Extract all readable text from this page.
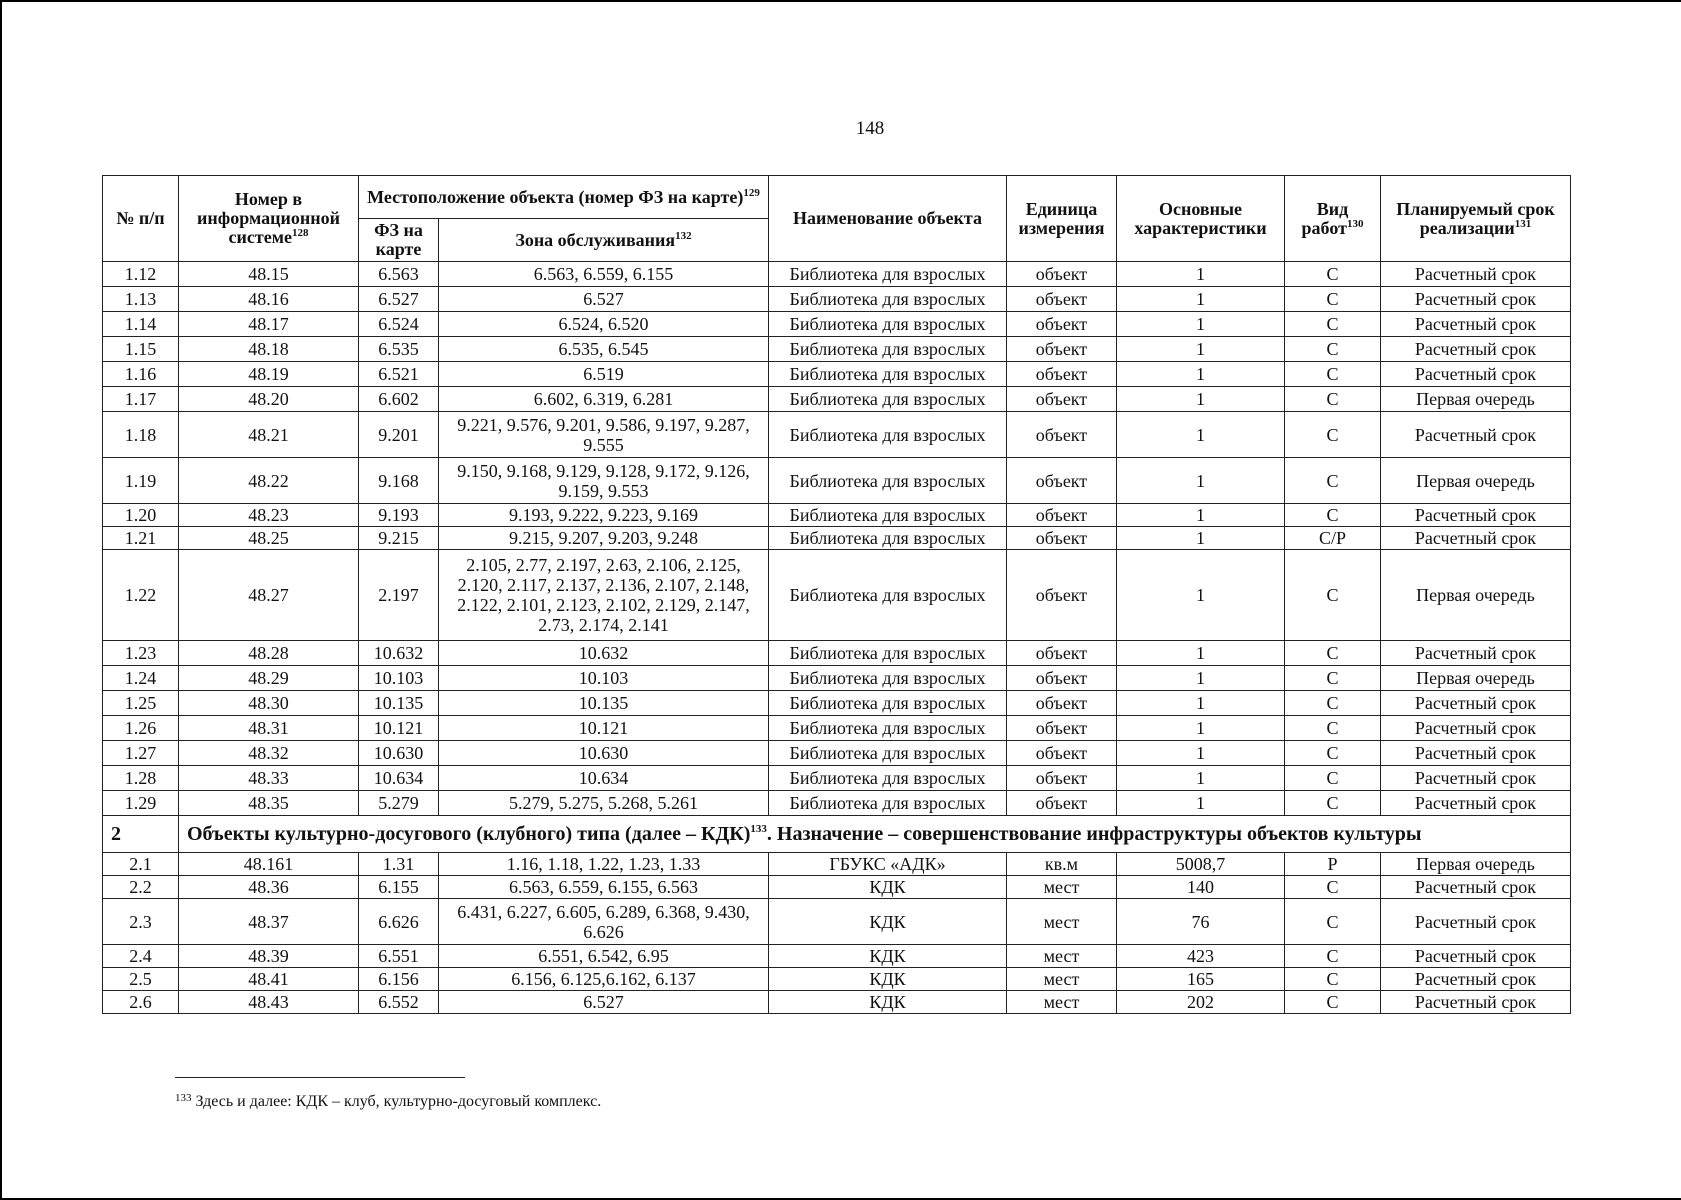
148
№ п/п	Номер в информационной системе$^{128}$	Местоположение объекта (номер ФЗ на карте)$^{129}$		Наименование объекта	Единица измерения	Основные характеристики	Вид работ$^{130}$	Планируемый срок реализации$^{131}$
		ФЗ на карте	Зона обслуживания$^{132}$
1.12	48.15	6.563	6.563, 6.559, 6.155	Библиотека для взрослых	объект	1	С	Расчетный срок
1.13	48.16	6.527	6.527	Библиотека для взрослых	объект	1	С	Расчетный срок
1.14	48.17	6.524	6.524, 6.520	Библиотека для взрослых	объект	1	С	Расчетный срок
1.15	48.18	6.535	6.535, 6.545	Библиотека для взрослых	объект	1	С	Расчетный срок
1.16	48.19	6.521	6.519	Библиотека для взрослых	объект	1	С	Расчетный срок
1.17	48.20	6.602	6.602, 6.319, 6.281	Библиотека для взрослых	объект	1	С	Первая очередь
1.18	48.21	9.201	9.221, 9.576, 9.201, 9.586, 9.197, 9.287, 9.555	Библиотека для взрослых	объект	1	С	Расчетный срок
1.19	48.22	9.168	9.150, 9.168, 9.129, 9.128, 9.172, 9.126, 9.159, 9.553	Библиотека для взрослых	объект	1	С	Первая очередь
1.20	48.23	9.193	9.193, 9.222, 9.223, 9.169	Библиотека для взрослых	объект	1	С	Расчетный срок
1.21	48.25	9.215	9.215, 9.207, 9.203, 9.248	Библиотека для взрослых	объект	1	С/Р	Расчетный срок
1.22	48.27	2.197	2.105, 2.77, 2.197, 2.63, 2.106, 2.125, 2.120, 2.117, 2.137, 2.136, 2.107, 2.148, 2.122, 2.101, 2.123, 2.102, 2.129, 2.147, 2.73, 2.174, 2.141	Библиотека для взрослых	объект	1	С	Первая очередь
1.23	48.28	10.632	10.632	Библиотека для взрослых	объект	1	С	Расчетный срок
1.24	48.29	10.103	10.103	Библиотека для взрослых	объект	1	С	Первая очередь
1.25	48.30	10.135	10.135	Библиотека для взрослых	объект	1	С	Расчетный срок
1.26	48.31	10.121	10.121	Библиотека для взрослых	объект	1	С	Расчетный срок
1.27	48.32	10.630	10.630	Библиотека для взрослых	объект	1	С	Расчетный срок
1.28	48.33	10.634	10.634	Библиотека для взрослых	объект	1	С	Расчетный срок
1.29	48.35	5.279	5.279, 5.275, 5.268, 5.261	Библиотека для взрослых	объект	1	С	Расчетный срок
2	Объекты культурно-досугового (клубного) типа (далее – КДК)$^{133}$. Назначение – совершенствование инфраструктуры объектов культуры							
2.1	48.161	1.31	1.16, 1.18, 1.22, 1.23, 1.33	ГБУКС «АДК»	кв.м	5008,7	Р	Первая очередь
2.2	48.36	6.155	6.563, 6.559, 6.155, 6.563	КДК	мест	140	С	Расчетный срок
2.3	48.37	6.626	6.431, 6.227, 6.605, 6.289, 6.368, 9.430, 6.626	КДК	мест	76	С	Расчетный срок
2.4	48.39	6.551	6.551, 6.542, 6.95	КДК	мест	423	С	Расчетный срок
2.5	48.41	6.156	6.156, 6.125,6.162, 6.137	КДК	мест	165	С	Расчетный срок
2.6	48.43	6.552	6.527	КДК	мест	202	С	Расчетный срок
$^{133}$ Здесь и далее: КДК – клуб, культурно-досуговый комплекс.
